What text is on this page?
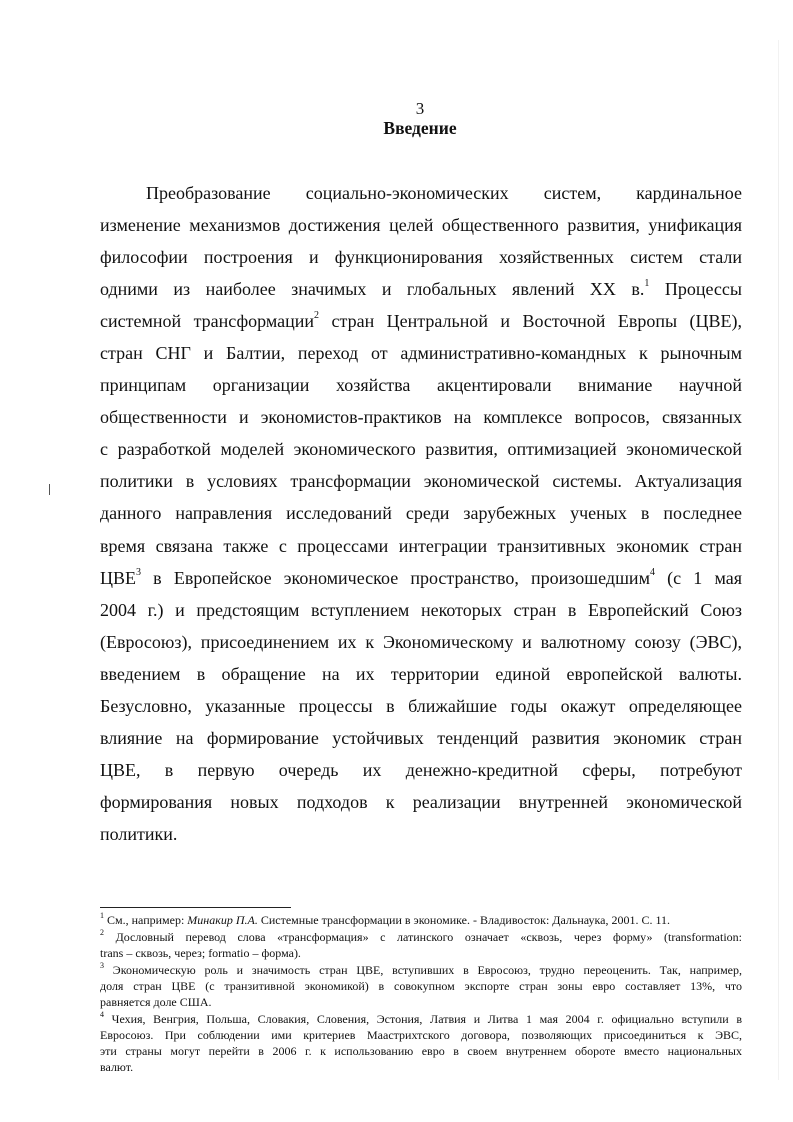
3
Введение
Преобразование социально-экономических систем, кардинальное
изменение механизмов достижения целей общественного развития, унификация
философии построения и функционирования хозяйственных систем стали
одними из наиболее значимых и глобальных явлений XX в.$^1$ Процессы
системной трансформации$^2$ стран Центральной и Восточной Европы (ЦВЕ),
стран СНГ и Балтии, переход от административно-командных к рыночным
принципам организации хозяйства акцентировали внимание научной
общественности и экономистов-практиков на комплексе вопросов, связанных
с разработкой моделей экономического развития, оптимизацией экономической
политики в условиях трансформации экономической системы. Актуализация
данного направления исследований среди зарубежных ученых в последнее
время связана также с процессами интеграции транзитивных экономик стран
ЦВЕ$^3$ в Европейское экономическое пространство, произошедшим$^4$ (с 1 мая
2004 г.) и предстоящим вступлением некоторых стран в Европейский Союз
(Евросоюз), присоединением их к Экономическому и валютному союзу (ЭВС),
введением в обращение на их территории единой европейской валюты.
Безусловно, указанные процессы в ближайшие годы окажут определяющее
влияние на формирование устойчивых тенденций развития экономик стран
ЦВЕ, в первую очередь их денежно-кредитной сферы, потребуют
формирования новых подходов к реализации внутренней экономической
политики.
$^1$ См., например: Минакир П.А. Системные трансформации в экономике. - Владивосток: Дальнаука, 2001. С. 11.
$^2$ Дословный перевод слова «трансформация» с латинского означает «сквозь, через форму» (transformation:
trans – сквозь, через; formatio – форма).
$^3$ Экономическую роль и значимость стран ЦВЕ, вступивших в Евросоюз, трудно переоценить. Так, например,
доля стран ЦВЕ (с транзитивной экономикой) в совокупном экспорте стран зоны евро составляет 13%, что
равняется доле США.
$^4$ Чехия, Венгрия, Польша, Словакия, Словения, Эстония, Латвия и Литва 1 мая 2004 г. официально вступили в
Евросоюз. При соблюдении ими критериев Маастрихтского договора, позволяющих присоединиться к ЭВС,
эти страны могут перейти в 2006 г. к использованию евро в своем внутреннем обороте вместо национальных
валют.
